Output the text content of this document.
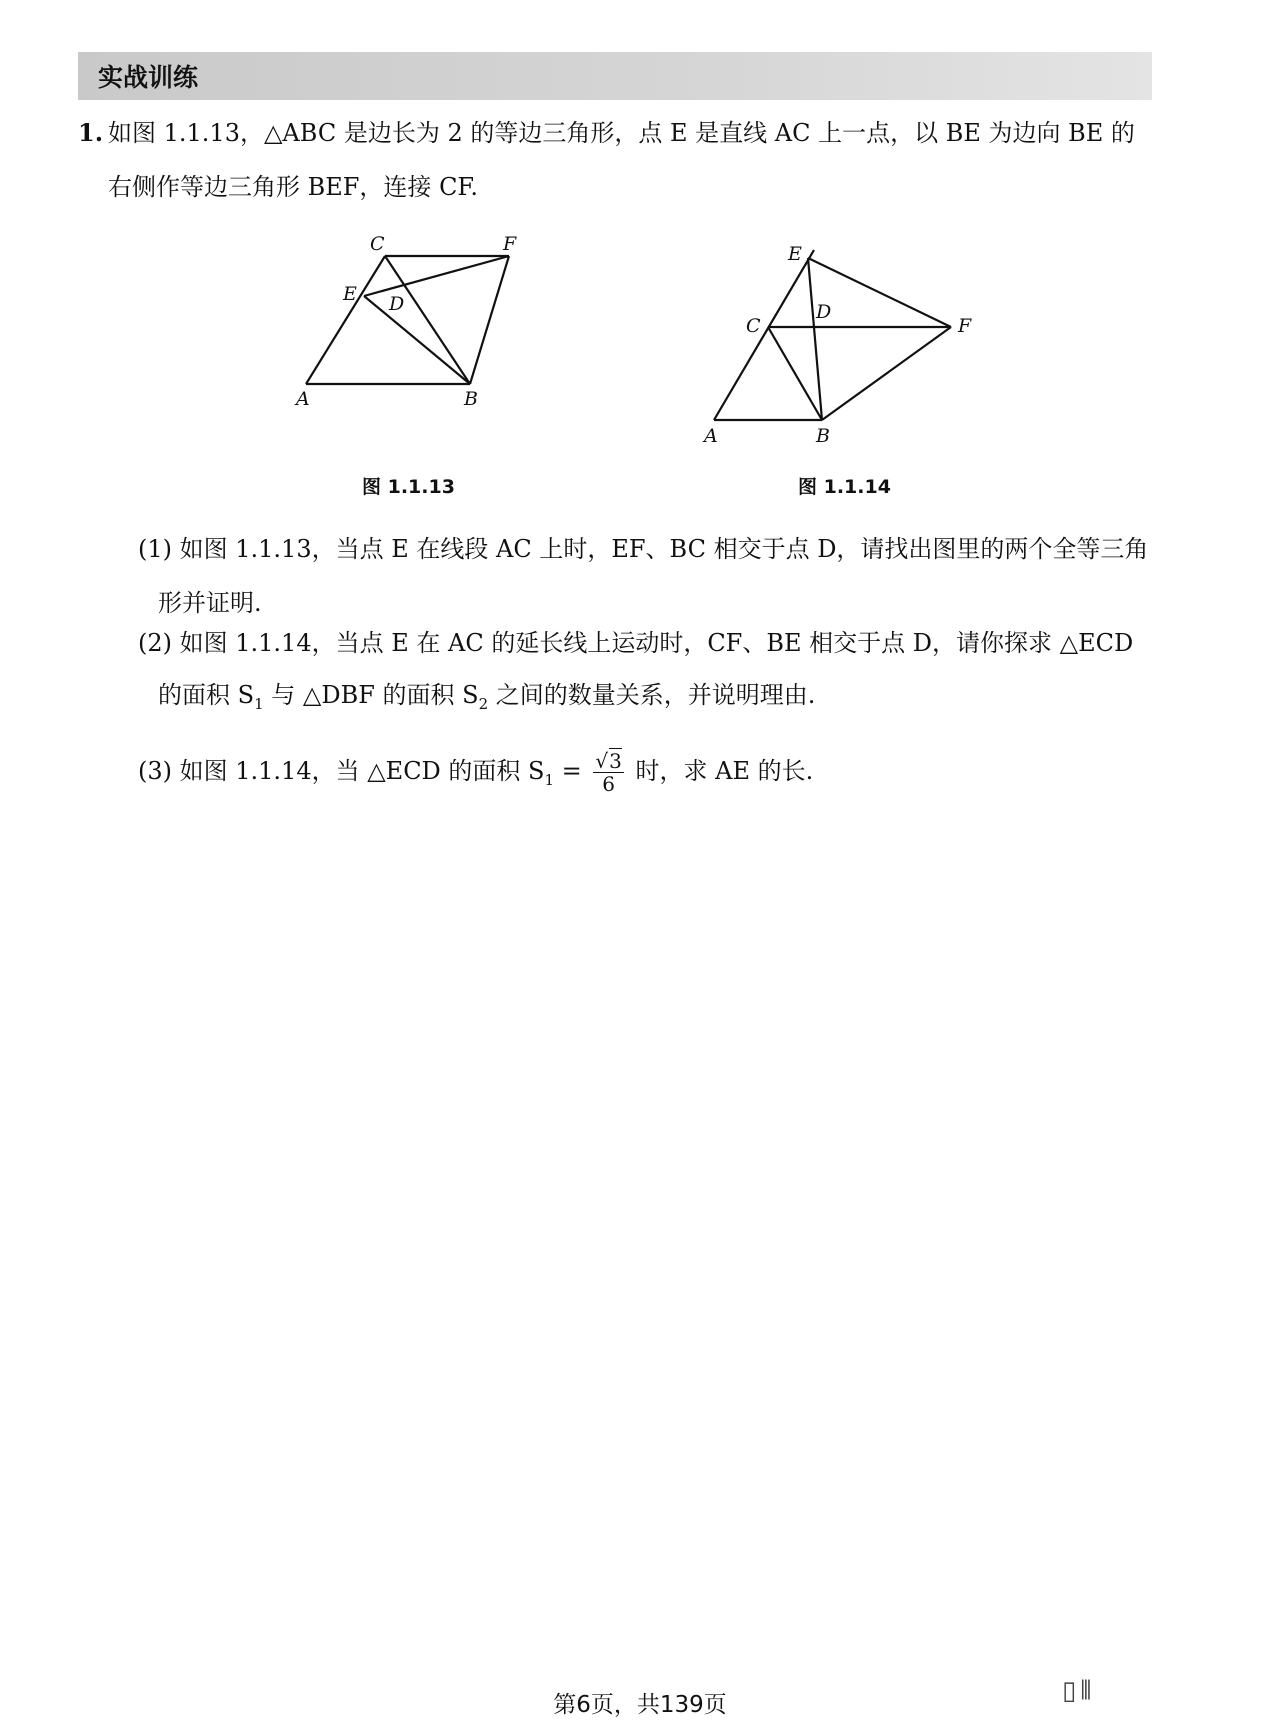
实战训练
1. 如图 1.1.13，△ABC 是边长为 2 的等边三角形，点 E 是直线 AC 上一点，以 BE 为边向 BE 的
右侧作等边三角形 BEF，连接 CF.
A	B
C	F
E D
图 1.1.13
A	B
C
E
F
D
图 1.1.14
(1) 如图 1.1.13，当点 E 在线段 AC 上时，EF、BC 相交于点 D，请找出图里的两个全等三角
形并证明.
(2) 如图 1.1.14，当点 E 在 AC 的延长线上运动时，CF、BE 相交于点 D，请你探求 △ECD
的面积 $S_1$ 与 △DBF 的面积 $S_2$ 之间的数量关系，并说明理由.
(3) 如图 1.1.14，当 △ECD 的面积 $S_1 = \frac{√3}{6}$ 时，求 AE 的长.
第6页，共139页	▯⫴
